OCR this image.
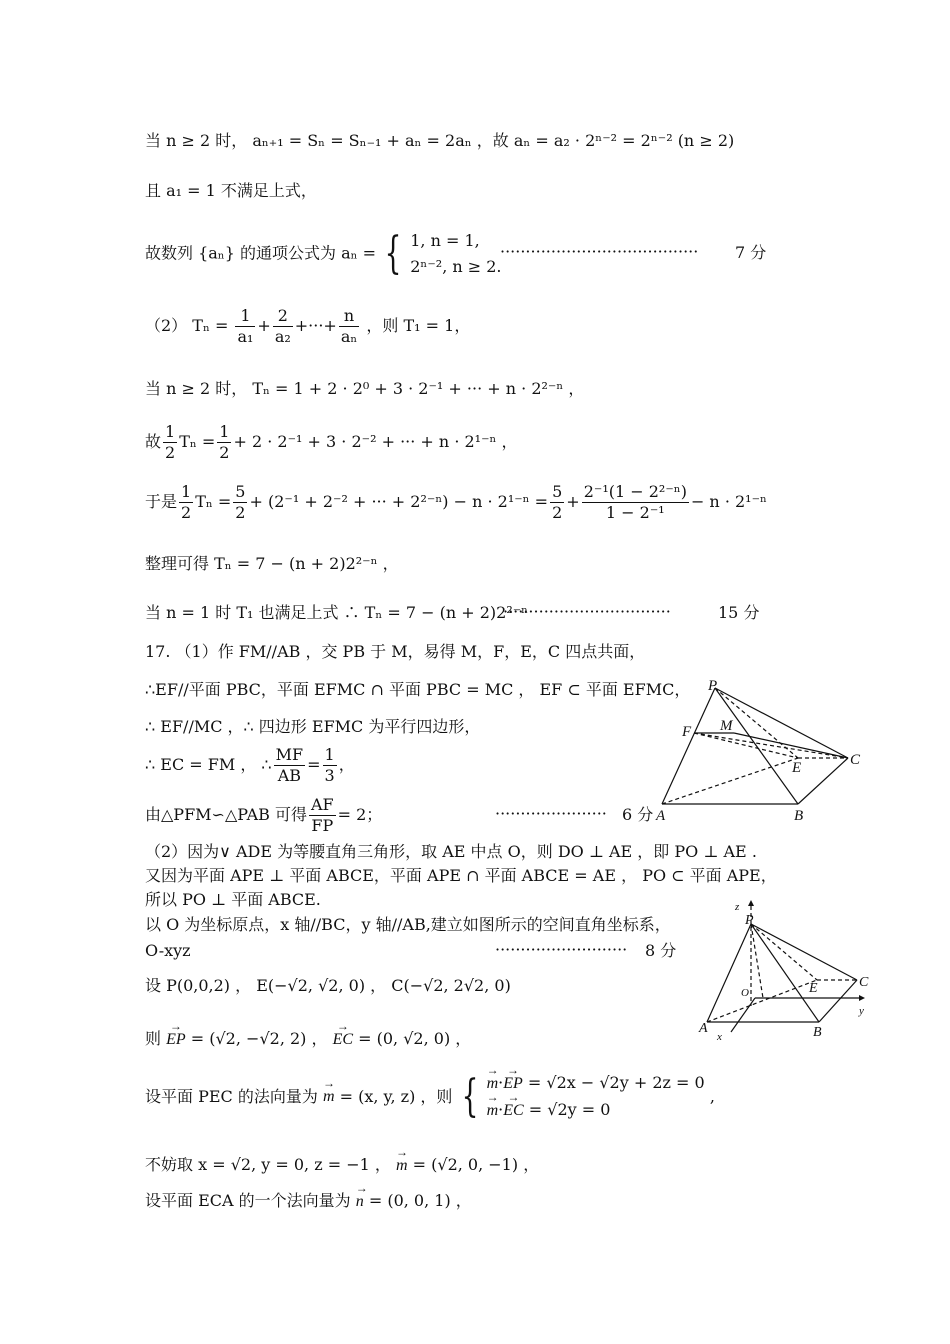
当 n ≥ 2 时， aₙ₊₁ = Sₙ = Sₙ₋₁ + aₙ = 2aₙ ，故 aₙ = a₂ · 2ⁿ⁻² = 2ⁿ⁻² (n ≥ 2)
且 a₁ = 1 不满足上式，
故数列 {aₙ} 的通项公式为 aₙ = { 1, n = 1,
2ⁿ⁻², n ≥ 2.
······································· 7 分
（2） $T_n = \frac{1}{\text{a₁}} + \frac{2}{\text{a₂}}$ +···+ $\frac{n}{\text{aₙ}}$ ，则 T₁ = 1，
当 n ≥ 2 时， Tₙ = 1 + 2 · 2⁰ + 3 · 2⁻¹ + ··· + n · 2²⁻ⁿ ，
故 $\frac{1}{2}$ $T_n = \frac{1}{2} + 2 \cdot 2^{-1} + 3 \cdot 2^{-2}$ + ··· + n · 2¹⁻ⁿ ，
于是 $\frac{1}{2}$ $T_n = \frac{5}{2} + (2^{-1} + 2^{-2}$ + ··· + $2^{2-n}) - n \cdot 2^{1-n} = \frac{5}{2} + \frac{\text{2⁻¹(1 − 2²⁻ⁿ)}}{\text{1 − 2⁻¹}} - n \cdot 2^{1-n}$
整理可得 Tₙ = 7 − (n + 2)2²⁻ⁿ ，
当 n = 1 时 T₁ 也满足上式 ∴ Tₙ = 7 − (n + 2)2²⁻ⁿ
·································	15 分
17. （1）作 FM//AB ，交 PB 于 M，易得 M，F，E，C 四点共面，
∴EF//平面 PBC，平面 EFMC ∩ 平面 PBC = MC ， EF ⊂ 平面 EFMC，
∴ EF//MC ，∴ 四边形 EFMC 为平行四边形，
∴ EC = FM ， ∴ $\frac{MF}{AB} = \frac{1}{3}$ ，
由△PFM∽△PAB 可得 $\frac{AF}{FP} = 2$；	······················ 6 分
P
M
F
E	C
A	B
（2）因为∨ ADE 为等腰直角三角形，取 AE 中点 O，则 DO ⊥ AE ，即 PO ⊥ AE .
又因为平面 APE ⊥ 平面 ABCE，平面 APE ∩ 平面 ABCE = AE ， PO ⊂ 平面 APE，
所以 PO ⊥ 平面 ABCE.
以 O 为坐标原点，x 轴//BC，y 轴//AB,建立如图所示的空间直角坐标系，
O-xyz	·························· 8 分
设 P(0,0,2) ， E(−√2, √2, 0) ， C(−√2, 2√2, 0)
则 → EP = (√2, −√2, 2) ， → EC = (0, √2, 0) ，
设平面 PEC 的法向量为 → m = (x, y, z) ，则 { → m·→ EP = √2x − √2y + 2z = 0
→ m·→ EC = √2y = 0
,
不妨取 x = √2, y = 0, z = −1 ， → m = (√2, 0, −1) ，
设平面 ECA 的一个法向量为 → n = (0, 0, 1) ，
z
y
x
O
P
C
E
A	B
